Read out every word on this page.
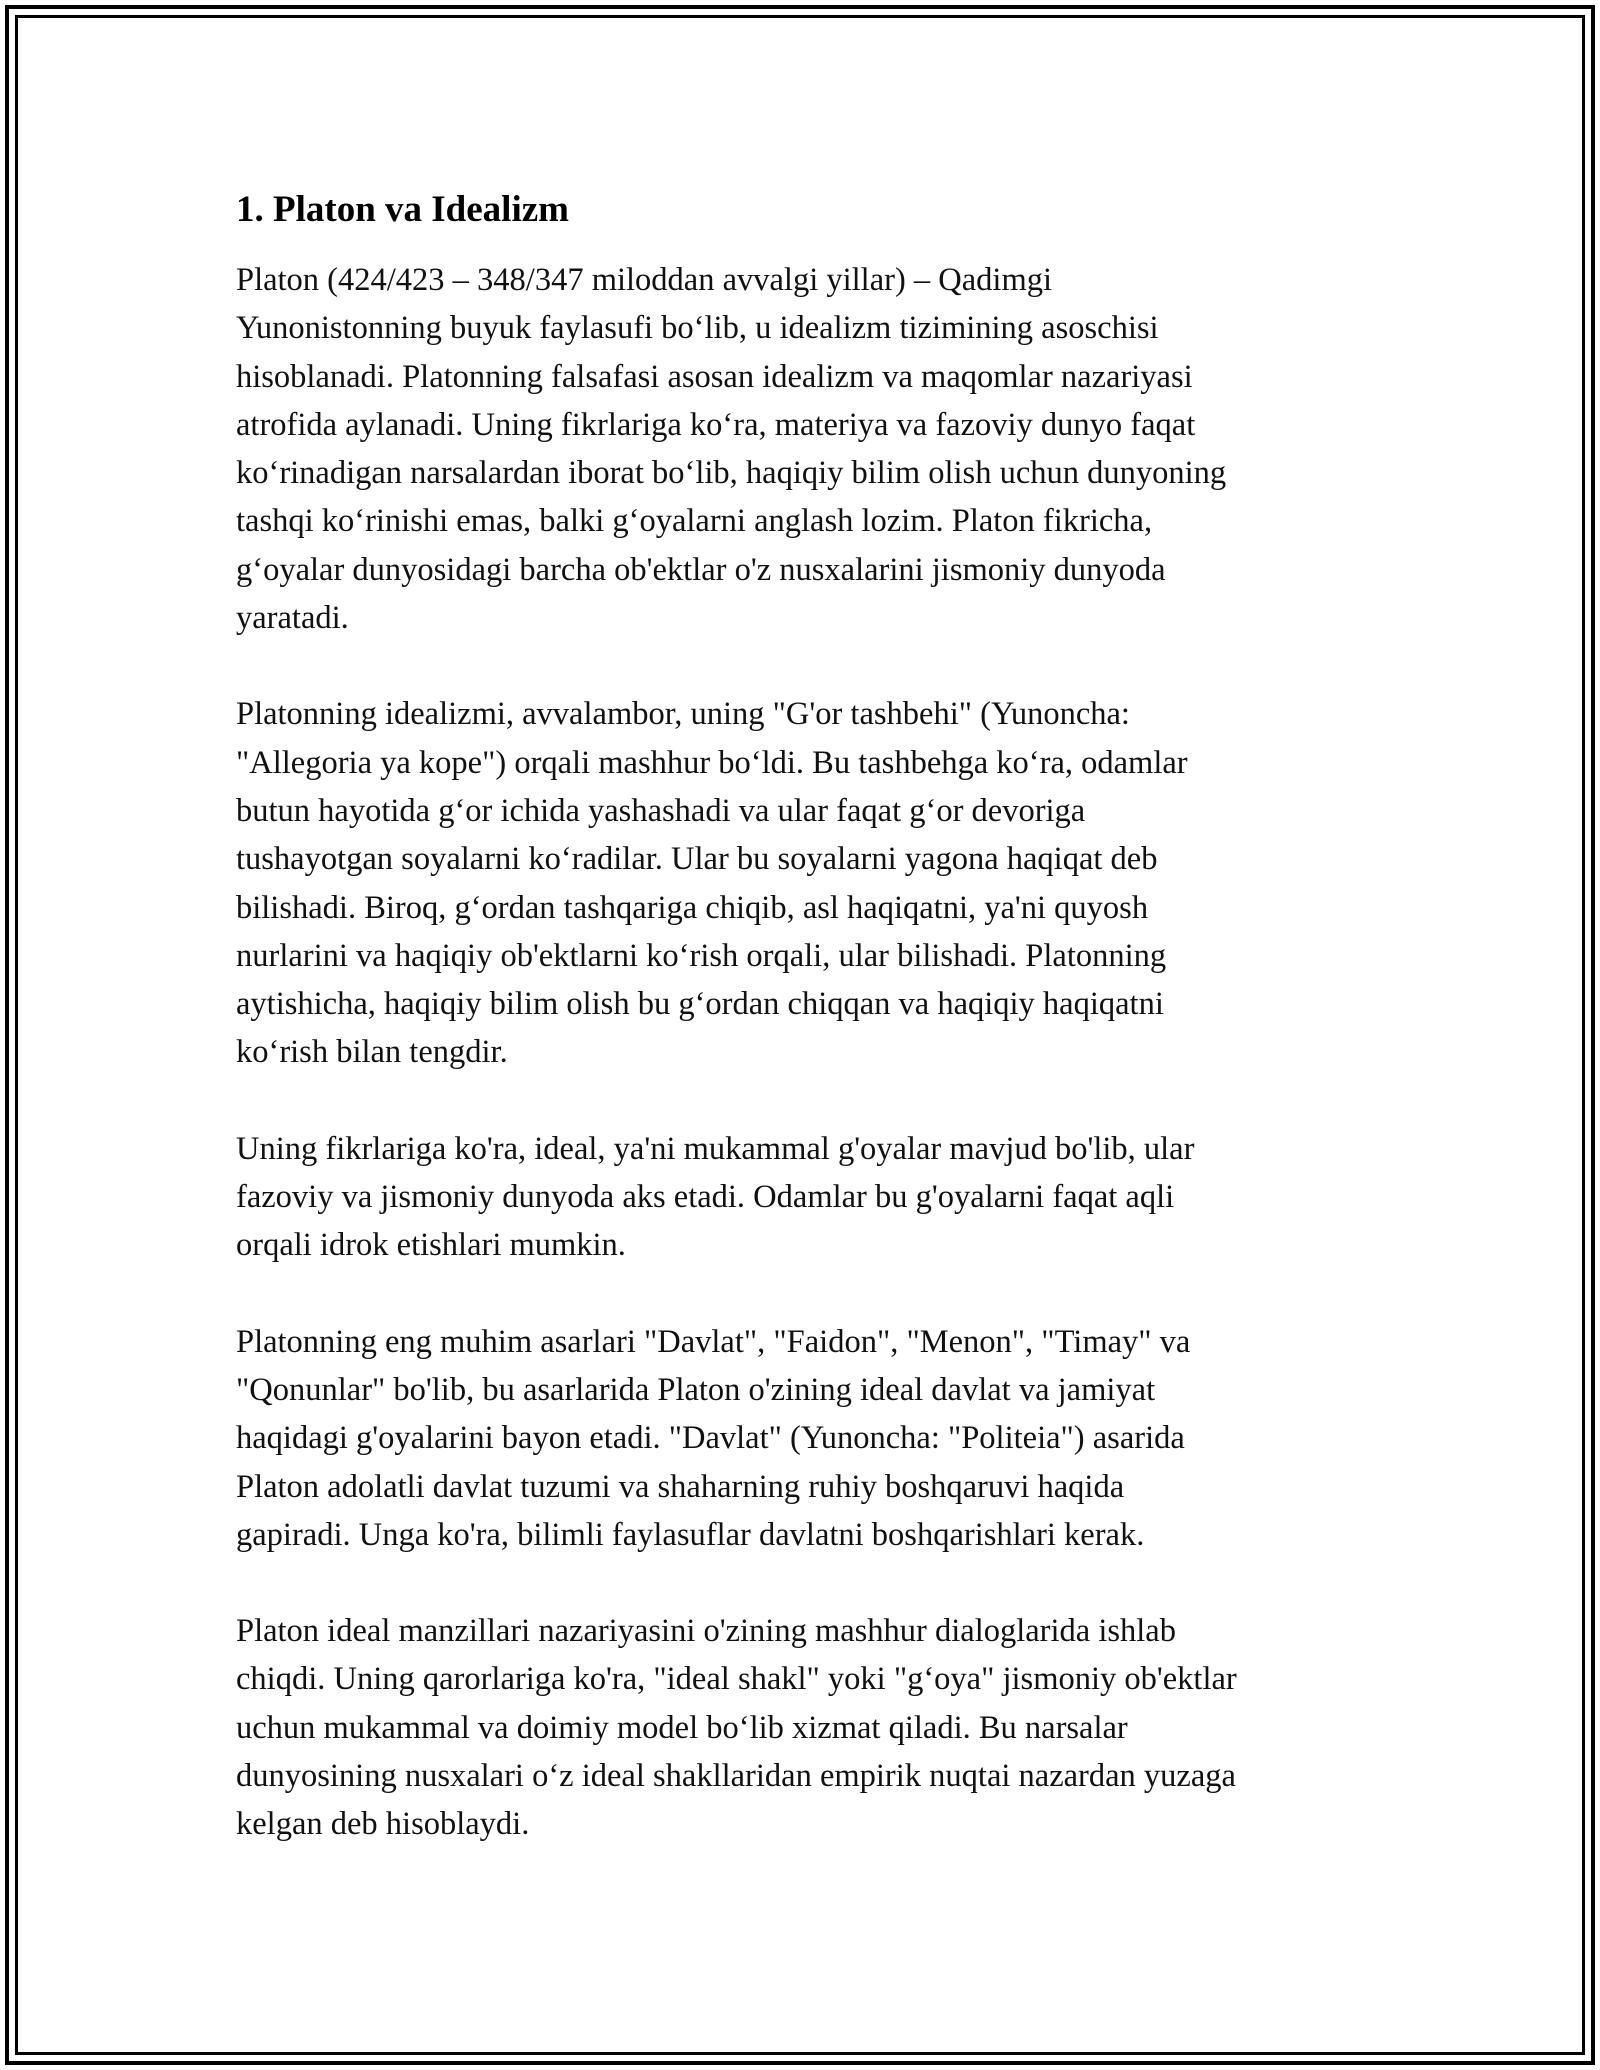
1. Platon va Idealizm

Platon (424/423 – 348/347 miloddan avvalgi yillar) – Qadimgi
Yunonistonning buyuk faylasufi bo‘lib, u idealizm tizimining asoschisi
hisoblanadi. Platonning falsafasi asosan idealizm va maqomlar nazariyasi
atrofida aylanadi. Uning fikrlariga ko‘ra, materiya va fazoviy dunyo faqat
ko‘rinadigan narsalardan iborat bo‘lib, haqiqiy bilim olish uchun dunyoning
tashqi ko‘rinishi emas, balki g‘oyalarni anglash lozim. Platon fikricha,
g‘oyalar dunyosidagi barcha ob'ektlar o'z nusxalarini jismoniy dunyoda
yaratadi.

Platonning idealizmi, avvalambor, uning "G'or tashbehi" (Yunoncha:
"Allegoria ya kope") orqali mashhur bo‘ldi. Bu tashbehga ko‘ra, odamlar
butun hayotida g‘or ichida yashashadi va ular faqat g‘or devoriga
tushayotgan soyalarni ko‘radilar. Ular bu soyalarni yagona haqiqat deb
bilishadi. Biroq, g‘ordan tashqariga chiqib, asl haqiqatni, ya'ni quyosh
nurlarini va haqiqiy ob'ektlarni ko‘rish orqali, ular bilishadi. Platonning
aytishicha, haqiqiy bilim olish bu g‘ordan chiqqan va haqiqiy haqiqatni
ko‘rish bilan tengdir.

Uning fikrlariga ko'ra, ideal, ya'ni mukammal g'oyalar mavjud bo'lib, ular
fazoviy va jismoniy dunyoda aks etadi. Odamlar bu g'oyalarni faqat aqli
orqali idrok etishlari mumkin.

Platonning eng muhim asarlari "Davlat", "Faidon", "Menon", "Timay" va
"Qonunlar" bo'lib, bu asarlarida Platon o'zining ideal davlat va jamiyat
haqidagi g'oyalarini bayon etadi. "Davlat" (Yunoncha: "Politeia") asarida
Platon adolatli davlat tuzumi va shaharning ruhiy boshqaruvi haqida
gapiradi. Unga ko'ra, bilimli faylasuflar davlatni boshqarishlari kerak.

Platon ideal manzillari nazariyasini o'zining mashhur dialoglarida ishlab
chiqdi. Uning qarorlariga ko'ra, "ideal shakl" yoki "g‘oya" jismoniy ob'ektlar
uchun mukammal va doimiy model bo‘lib xizmat qiladi. Bu narsalar
dunyosining nusxalari o‘z ideal shakllaridan empirik nuqtai nazardan yuzaga
kelgan deb hisoblaydi.
